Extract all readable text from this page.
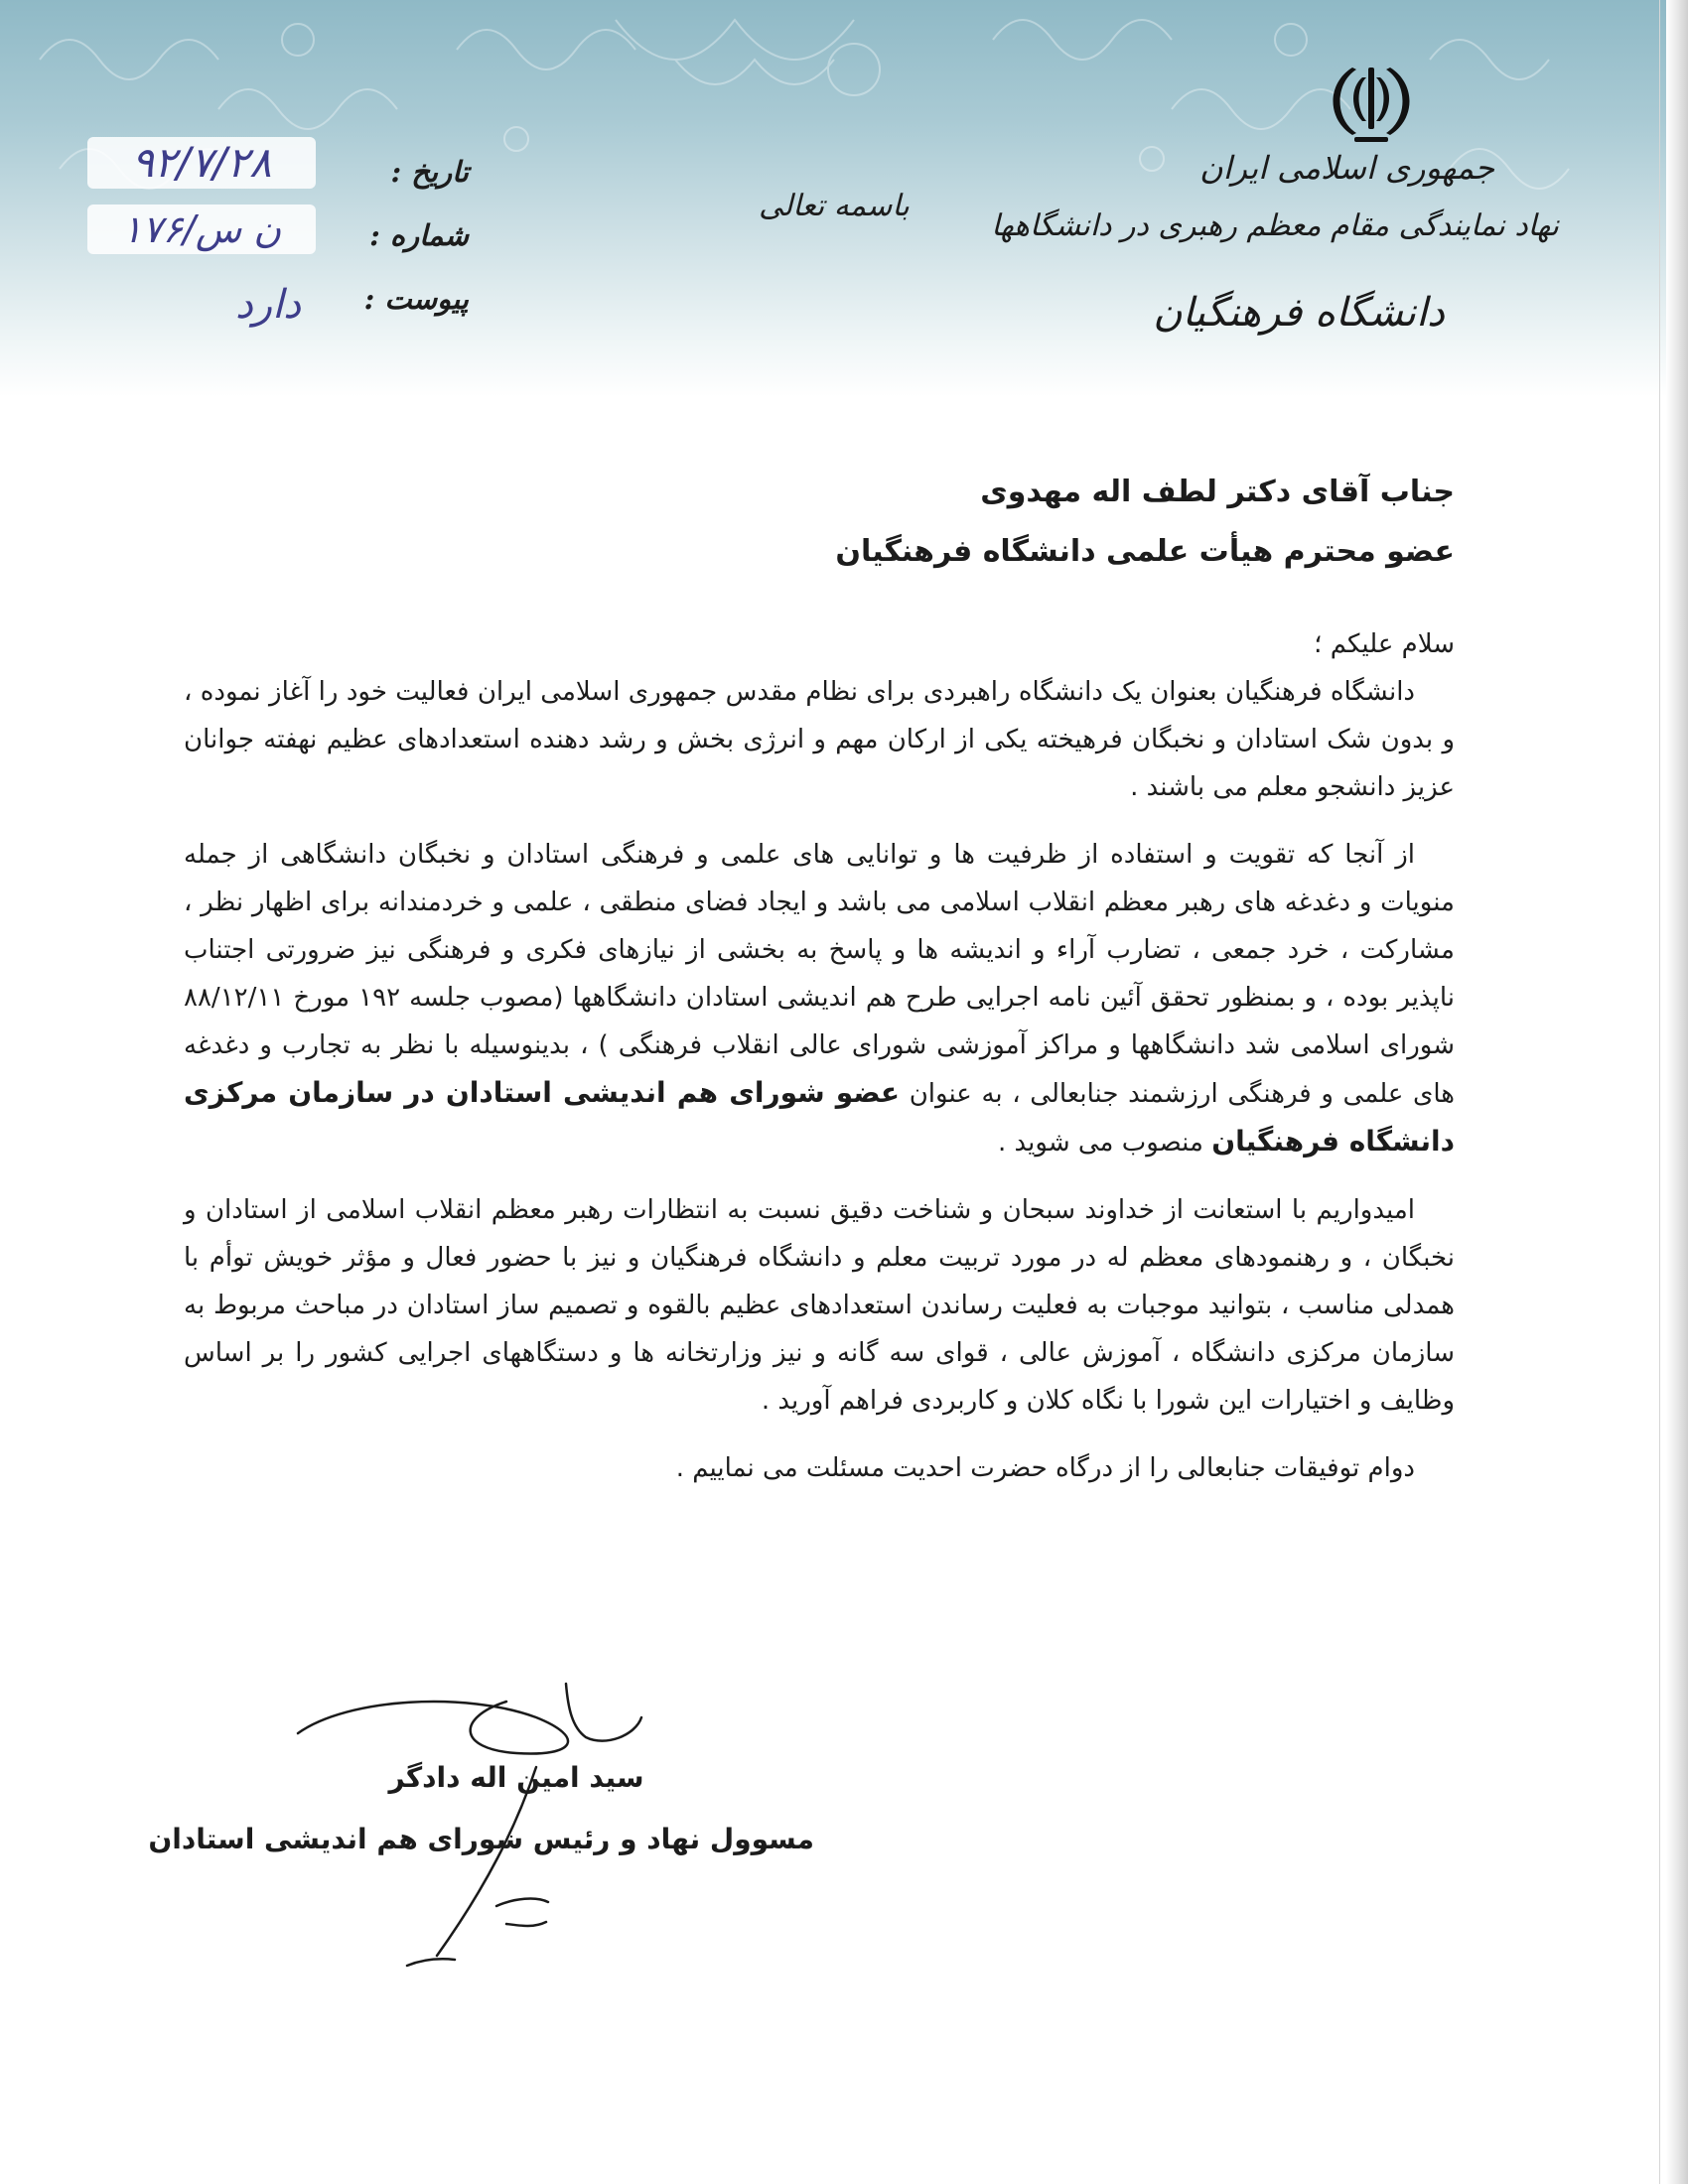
جمهوری اسلامی ایران
نهاد نمایندگی مقام معظم رهبری در دانشگاهها
دانشگاه فرهنگیان
باسمه تعالی
تاریخ :
۹۲/۷/۲۸
شماره :
ن س/۱۷۶
پیوست :
دارد
جناب آقای دکتر لطف اله مهدوی
عضو محترم هیأت علمی دانشگاه فرهنگیان

سلام علیکم ؛

دانشگاه فرهنگیان بعنوان یک دانشگاه راهبردی برای نظام مقدس جمهوری اسلامی ایران فعالیت خود را آغاز نموده ، و بدون شک استادان و نخبگان فرهیخته یکی از ارکان مهم و انرژی بخش و رشد دهنده استعدادهای عظیم نهفته جوانان عزیز دانشجو معلم می باشند .

از آنجا که تقویت و استفاده از ظرفیت ها و توانایی های علمی و فرهنگی استادان و نخبگان دانشگاهی از جمله منویات و دغدغه های رهبر معظم انقلاب اسلامی می باشد و ایجاد فضای منطقی ، علمی و خردمندانه برای اظهار نظر ، مشارکت ، خرد جمعی ، تضارب آراء و اندیشه ها و پاسخ به بخشی از نیازهای فکری و فرهنگی نیز ضرورتی اجتناب ناپذیر بوده ، و بمنظور تحقق آئین نامه اجرایی طرح هم اندیشی استادان دانشگاهها (مصوب جلسه ۱۹۲ مورخ ۸۸/۱۲/۱۱ شورای اسلامی شد دانشگاهها و مراکز آموزشی شورای عالی انقلاب فرهنگی ) ، بدینوسیله با نظر به تجارب و دغدغه های علمی و فرهنگی ارزشمند جنابعالی ، به عنوان عضو شورای هم اندیشی استادان در سازمان مرکزی دانشگاه فرهنگیان منصوب می شوید .

امیدواریم با استعانت از خداوند سبحان و شناخت دقیق نسبت به انتظارات رهبر معظم انقلاب اسلامی از استادان و نخبگان ، و رهنمودهای معظم له در مورد تربیت معلم و دانشگاه فرهنگیان و نیز با حضور فعال و مؤثر خویش توأم با همدلی مناسب ، بتوانید موجبات به فعلیت رساندن استعدادهای عظیم بالقوه و تصمیم ساز استادان در مباحث مربوط به سازمان مرکزی دانشگاه ، آموزش عالی ، قوای سه گانه و نیز وزارتخانه ها و دستگاههای اجرایی کشور را بر اساس وظایف و اختیارات این شورا با نگاه کلان و کاربردی فراهم آورید .

دوام توفیقات جنابعالی را از درگاه حضرت احدیت مسئلت می نماییم .

سید امین اله دادگر
مسوول نهاد و رئیس شورای هم اندیشی استادان
